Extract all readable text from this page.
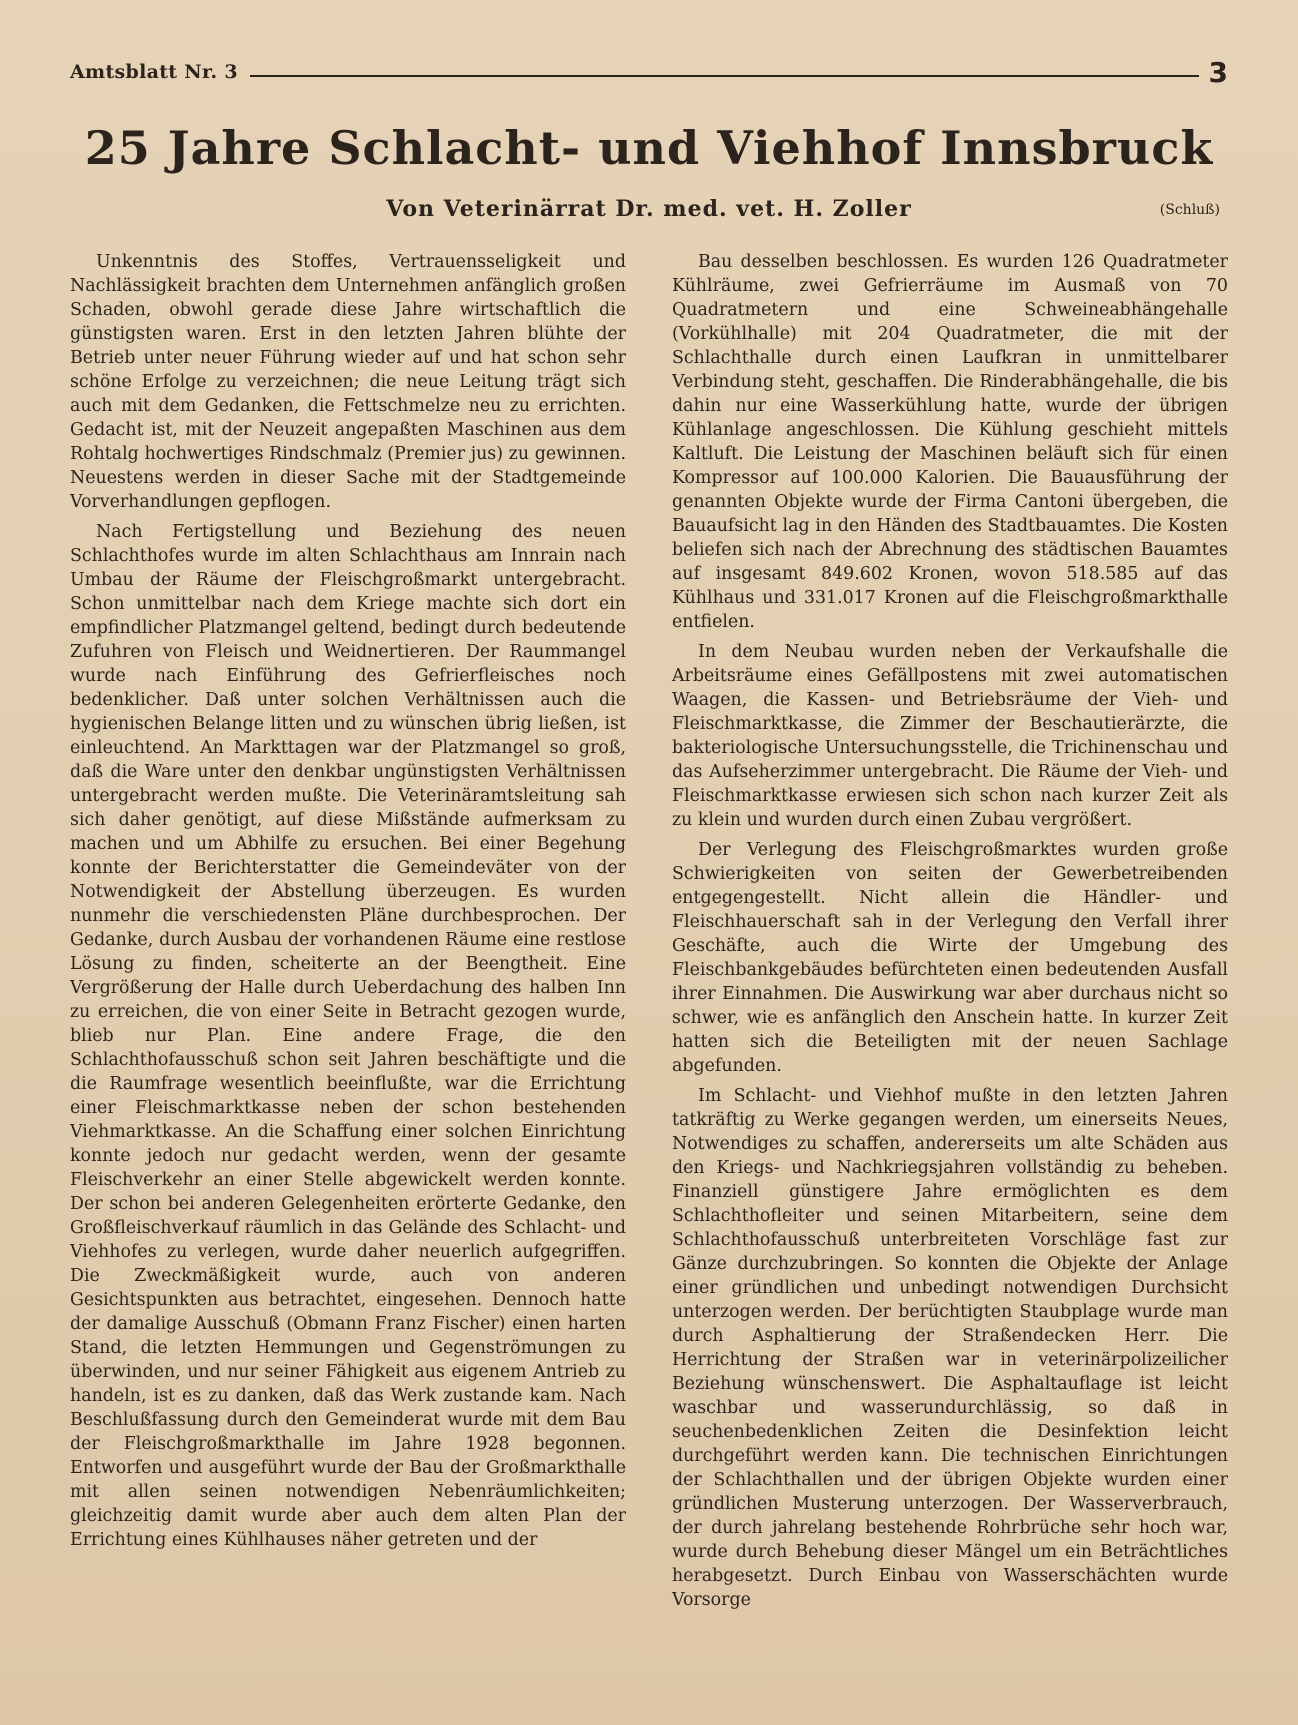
Amtsblatt Nr. 3	3
25 Jahre Schlacht- und Viehhof Innsbruck
Von Veterinärrat Dr. med. vet. H. Zoller	(Schluß)

Unkenntnis des Stoffes, Vertrauensseligkeit und Nachlässigkeit brachten dem Unternehmen anfänglich großen Schaden, obwohl gerade diese Jahre wirtschaftlich die günstigsten waren. Erst in den letzten Jahren blühte der Betrieb unter neuer Führung wieder auf und hat schon sehr schöne Erfolge zu verzeichnen; die neue Leitung trägt sich auch mit dem Gedanken, die Fettschmelze neu zu errichten. Gedacht ist, mit der Neuzeit angepaßten Maschinen aus dem Rohtalg hochwertiges Rindschmalz (Premier jus) zu gewinnen. Neuestens werden in dieser Sache mit der Stadtgemeinde Vorverhandlungen gepflogen.

Nach Fertigstellung und Beziehung des neuen Schlachthofes wurde im alten Schlachthaus am Innrain nach Umbau der Räume der Fleischgroßmarkt untergebracht. Schon unmittelbar nach dem Kriege machte sich dort ein empfindlicher Platzmangel geltend, bedingt durch bedeutende Zufuhren von Fleisch und Weidnertieren. Der Raummangel wurde nach Einführung des Gefrierfleisches noch bedenklicher. Daß unter solchen Verhältnissen auch die hygienischen Belange litten und zu wünschen übrig ließen, ist einleuchtend. An Markttagen war der Platzmangel so groß, daß die Ware unter den denkbar ungünstigsten Verhältnissen untergebracht werden mußte. Die Veterinäramtsleitung sah sich daher genötigt, auf diese Mißstände aufmerksam zu machen und um Abhilfe zu ersuchen. Bei einer Begehung konnte der Berichterstatter die Gemeindeväter von der Notwendigkeit der Abstellung überzeugen. Es wurden nunmehr die verschiedensten Pläne durchbesprochen. Der Gedanke, durch Ausbau der vorhandenen Räume eine restlose Lösung zu finden, scheiterte an der Beengtheit. Eine Vergrößerung der Halle durch Ueberdachung des halben Inn zu erreichen, die von einer Seite in Betracht gezogen wurde, blieb nur Plan. Eine andere Frage, die den Schlachthofausschuß schon seit Jahren beschäftigte und die die Raumfrage wesentlich beeinflußte, war die Errichtung einer Fleischmarktkasse neben der schon bestehenden Viehmarktkasse. An die Schaffung einer solchen Einrichtung konnte jedoch nur gedacht werden, wenn der gesamte Fleischverkehr an einer Stelle abgewickelt werden konnte. Der schon bei anderen Gelegenheiten erörterte Gedanke, den Großfleischverkauf räumlich in das Gelände des Schlacht- und Viehhofes zu verlegen, wurde daher neuerlich aufgegriffen. Die Zweckmäßigkeit wurde, auch von anderen Gesichtspunkten aus betrachtet, eingesehen. Dennoch hatte der damalige Ausschuß (Obmann Franz Fischer) einen harten Stand, die letzten Hemmungen und Gegenströmungen zu überwinden, und nur seiner Fähigkeit aus eigenem Antrieb zu handeln, ist es zu danken, daß das Werk zustande kam. Nach Beschlußfassung durch den Gemeinderat wurde mit dem Bau der Fleischgroßmarkthalle im Jahre 1928 begonnen. Entworfen und ausgeführt wurde der Bau der Großmarkthalle mit allen seinen notwendigen Nebenräumlichkeiten; gleichzeitig damit wurde aber auch dem alten Plan der Errichtung eines Kühlhauses näher getreten und der

Bau desselben beschlossen. Es wurden 126 Quadratmeter Kühlräume, zwei Gefrierräume im Ausmaß von 70 Quadratmetern und eine Schweineabhängehalle (Vorkühlhalle) mit 204 Quadratmeter, die mit der Schlachthalle durch einen Laufkran in unmittelbarer Verbindung steht, geschaffen. Die Rinderabhängehalle, die bis dahin nur eine Wasserkühlung hatte, wurde der übrigen Kühlanlage angeschlossen. Die Kühlung geschieht mittels Kaltluft. Die Leistung der Maschinen beläuft sich für einen Kompressor auf 100.000 Kalorien. Die Bauausführung der genannten Objekte wurde der Firma Cantoni übergeben, die Bauaufsicht lag in den Händen des Stadtbauamtes. Die Kosten beliefen sich nach der Abrechnung des städtischen Bauamtes auf insgesamt 849.602 Kronen, wovon 518.585 auf das Kühlhaus und 331.017 Kronen auf die Fleischgroßmarkthalle entfielen.

In dem Neubau wurden neben der Verkaufshalle die Arbeitsräume eines Gefällpostens mit zwei automatischen Waagen, die Kassen- und Betriebsräume der Vieh- und Fleischmarktkasse, die Zimmer der Beschautierärzte, die bakteriologische Untersuchungsstelle, die Trichinenschau und das Aufseherzimmer untergebracht. Die Räume der Vieh- und Fleischmarktkasse erwiesen sich schon nach kurzer Zeit als zu klein und wurden durch einen Zubau vergrößert.

Der Verlegung des Fleischgroßmarktes wurden große Schwierigkeiten von seiten der Gewerbetreibenden entgegengestellt. Nicht allein die Händler- und Fleischhauerschaft sah in der Verlegung den Verfall ihrer Geschäfte, auch die Wirte der Umgebung des Fleischbankgebäudes befürchteten einen bedeutenden Ausfall ihrer Einnahmen. Die Auswirkung war aber durchaus nicht so schwer, wie es anfänglich den Anschein hatte. In kurzer Zeit hatten sich die Beteiligten mit der neuen Sachlage abgefunden.

Im Schlacht- und Viehhof mußte in den letzten Jahren tatkräftig zu Werke gegangen werden, um einerseits Neues, Notwendiges zu schaffen, andererseits um alte Schäden aus den Kriegs- und Nachkriegsjahren vollständig zu beheben. Finanziell günstigere Jahre ermöglichten es dem Schlachthofleiter und seinen Mitarbeitern, seine dem Schlachthofausschuß unterbreiteten Vorschläge fast zur Gänze durchzubringen. So konnten die Objekte der Anlage einer gründlichen und unbedingt notwendigen Durchsicht unterzogen werden. Der berüchtigten Staubplage wurde man durch Asphaltierung der Straßendecken Herr. Die Herrichtung der Straßen war in veterinärpolizeilicher Beziehung wünschenswert. Die Asphaltauflage ist leicht waschbar und wasserundurchlässig, so daß in seuchenbedenklichen Zeiten die Desinfektion leicht durchgeführt werden kann. Die technischen Einrichtungen der Schlachthallen und der übrigen Objekte wurden einer gründlichen Musterung unterzogen. Der Wasserverbrauch, der durch jahrelang bestehende Rohrbrüche sehr hoch war, wurde durch Behebung dieser Mängel um ein Beträchtliches herabgesetzt. Durch Einbau von Wasserschächten wurde Vorsorge
